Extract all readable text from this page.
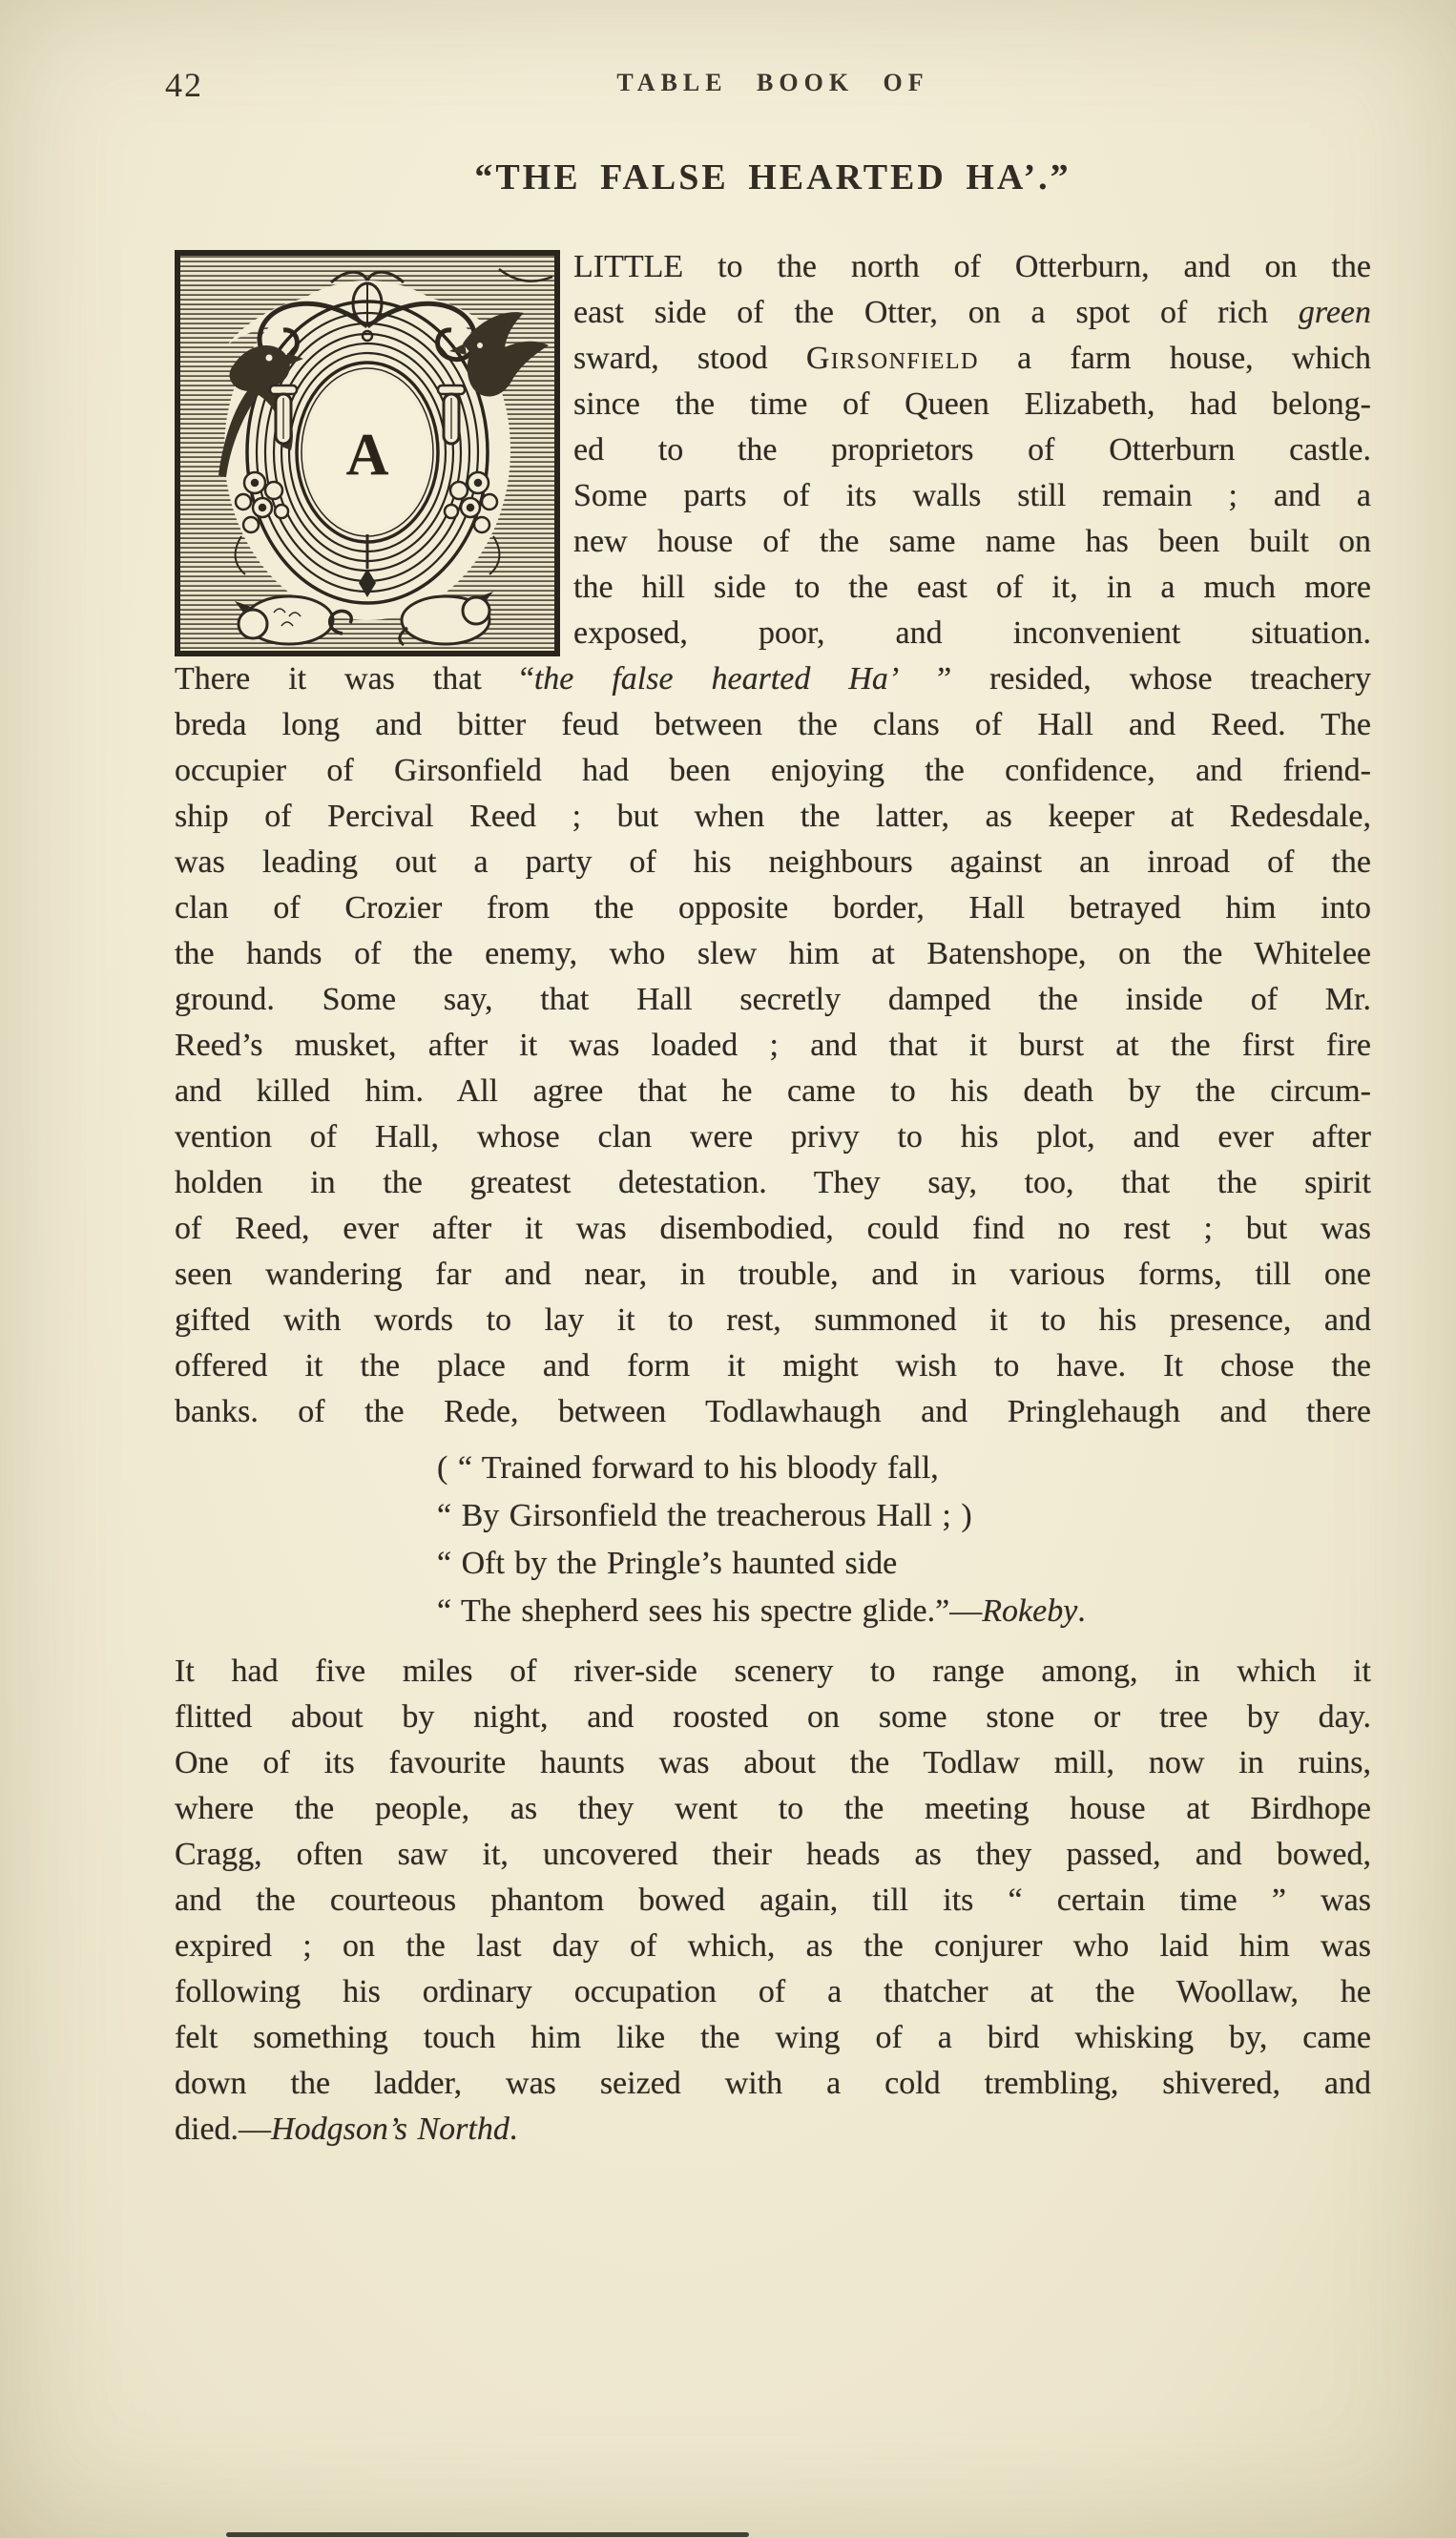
42	TABLE BOOK OF
“THE FALSE HEARTED HA’.”
A
LITTLE to the north of Otterburn, and on the
east side of the Otter, on a spot of rich green
sward, stood Girsonfield a farm house, which
since the time of Queen Elizabeth, had belong-
ed to the proprietors of Otterburn castle.
Some parts of its walls still remain ; and a
new house of the same name has been built on
the hill side to the east of it, in a much more
exposed, poor, and inconvenient situation.
There it was that “the false hearted Ha’ ” resided, whose treachery
breda long and bitter feud between the clans of Hall and Reed. The
occupier of Girsonfield had been enjoying the confidence, and friend-
ship of Percival Reed ; but when the latter, as keeper at Redesdale,
was leading out a party of his neighbours against an inroad of the
clan of Crozier from the opposite border, Hall betrayed him into
the hands of the enemy, who slew him at Batenshope, on the Whitelee
ground. Some say, that Hall secretly damped the inside of Mr.
Reed’s musket, after it was loaded ; and that it burst at the first fire
and killed him. All agree that he came to his death by the circum-
vention of Hall, whose clan were privy to his plot, and ever after
holden in the greatest detestation. They say, too, that the spirit
of Reed, ever after it was disembodied, could find no rest ; but was
seen wandering far and near, in trouble, and in various forms, till one
gifted with words to lay it to rest, summoned it to his presence, and
offered it the place and form it might wish to have. It chose the
banks. of the Rede, between Todlawhaugh and Pringlehaugh and there
( “ Trained forward to his bloody fall,
“ By Girsonfield the treacherous Hall ; )
“ Oft by the Pringle’s haunted side
“ The shepherd sees his spectre glide.”—Rokeby.
It had five miles of river-side scenery to range among, in which it
flitted about by night, and roosted on some stone or tree by day.
One of its favourite haunts was about the Todlaw mill, now in ruins,
where the people, as they went to the meeting house at Birdhope
Cragg, often saw it, uncovered their heads as they passed, and bowed,
and the courteous phantom bowed again, till its “ certain time ” was
expired ; on the last day of which, as the conjurer who laid him was
following his ordinary occupation of a thatcher at the Woollaw, he
felt something touch him like the wing of a bird whisking by, came
down the ladder, was seized with a cold trembling, shivered, and
died.—Hodgson’s Northd.
